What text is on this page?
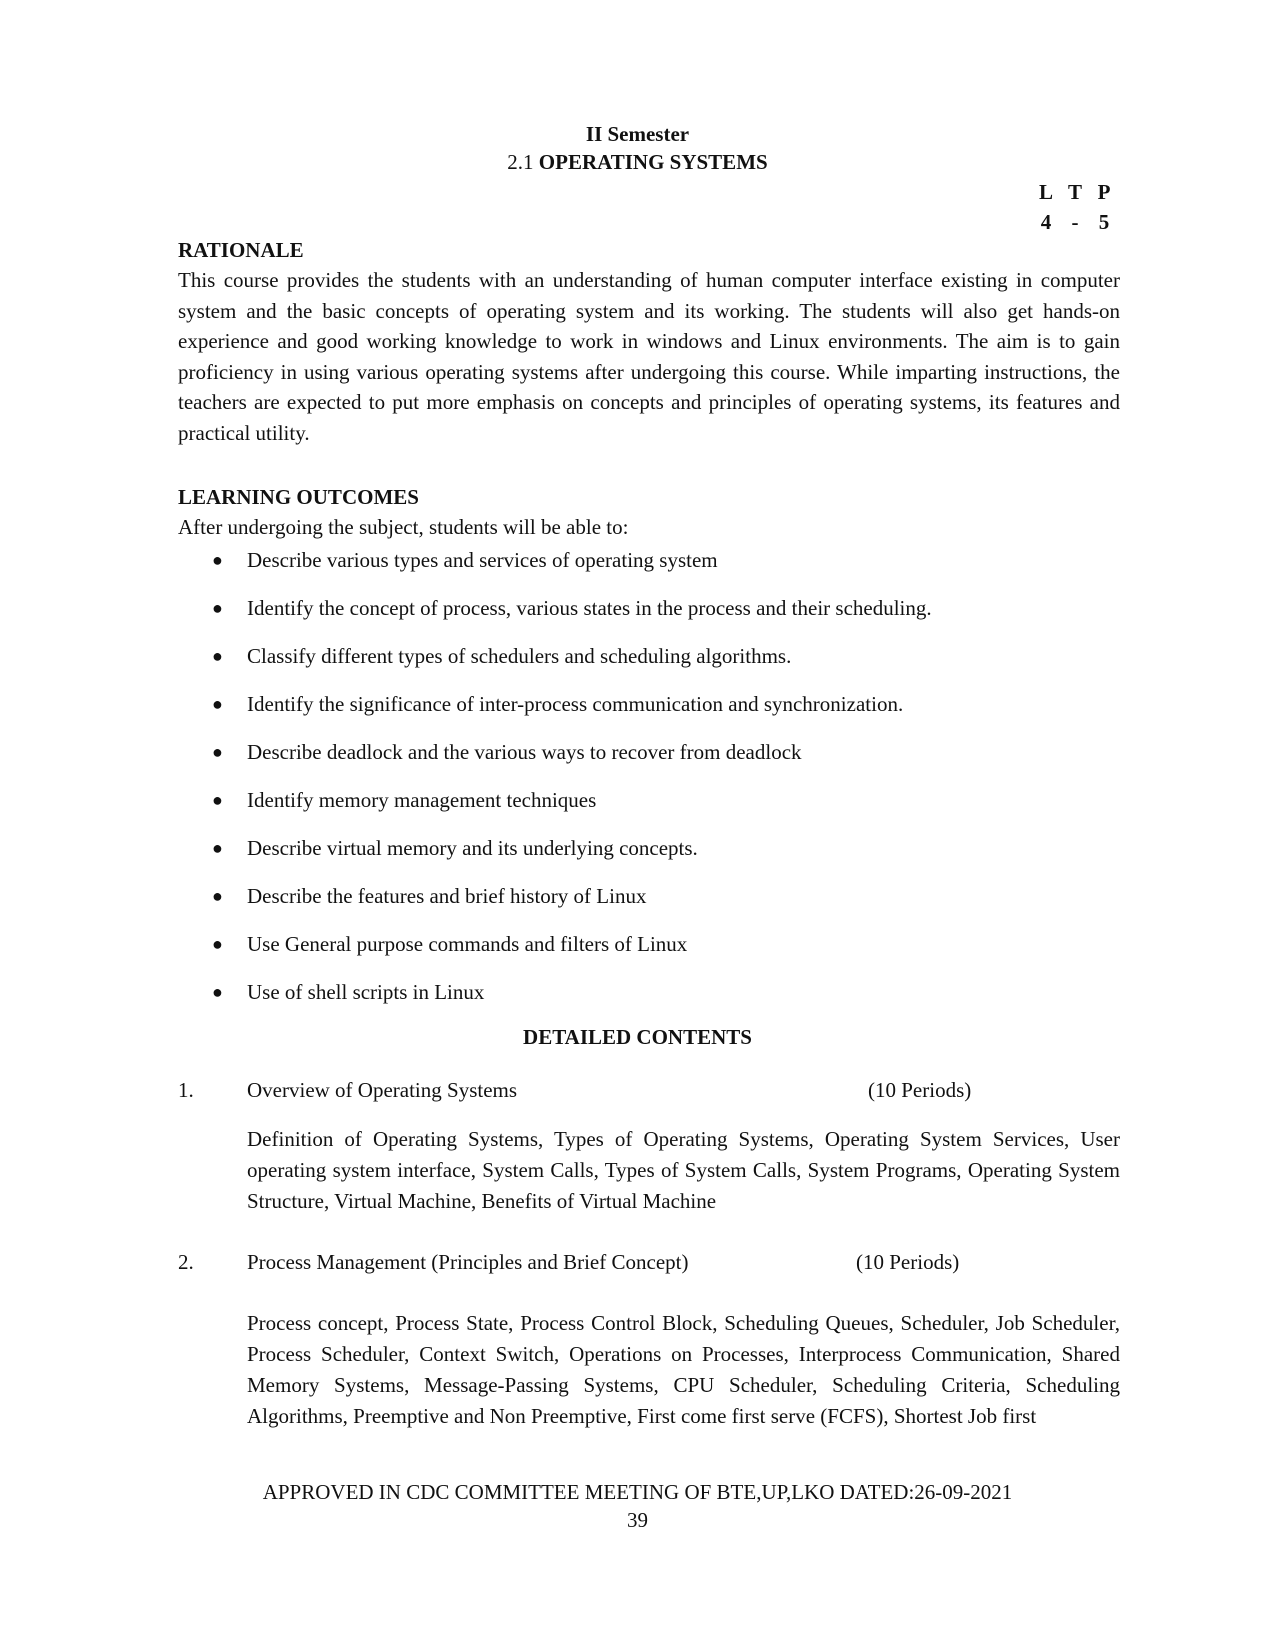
II Semester
2.1 OPERATING SYSTEMS
L T P
4 - 5
RATIONALE

This course provides the students with an understanding of human computer interface existing in computer system and the basic concepts of operating system and its working. The students will also get hands-on experience and good working knowledge to work in windows and Linux environments. The aim is to gain proficiency in using various operating systems after undergoing this course. While imparting instructions, the teachers are expected to put more emphasis on concepts and principles of operating systems, its features and practical utility.

LEARNING OUTCOMES

After undergoing the subject, students will be able to:

● Describe various types and services of operating system
● Identify the concept of process, various states in the process and their scheduling.
● Classify different types of schedulers and scheduling algorithms.
● Identify the significance of inter-process communication and synchronization.
● Describe deadlock and the various ways to recover from deadlock
● Identify memory management techniques
● Describe virtual memory and its underlying concepts.
● Describe the features and brief history of Linux
● Use General purpose commands and filters of Linux
● Use of shell scripts in Linux
DETAILED CONTENTS
1.	Overview of Operating Systems	(10 Periods)

Definition of Operating Systems, Types of Operating Systems, Operating System Services, User operating system interface, System Calls, Types of System Calls, System Programs, Operating System Structure, Virtual Machine, Benefits of Virtual Machine

2.	Process Management (Principles and Brief Concept)	(10 Periods)

Process concept, Process State, Process Control Block, Scheduling Queues, Scheduler, Job Scheduler, Process Scheduler, Context Switch, Operations on Processes, Interprocess Communication, Shared Memory Systems, Message-Passing Systems, CPU Scheduler, Scheduling Criteria, Scheduling Algorithms, Preemptive and Non Preemptive, First come first serve (FCFS), Shortest Job first

APPROVED IN CDC COMMITTEE MEETING OF BTE,UP,LKO DATED:26-09-2021
39
